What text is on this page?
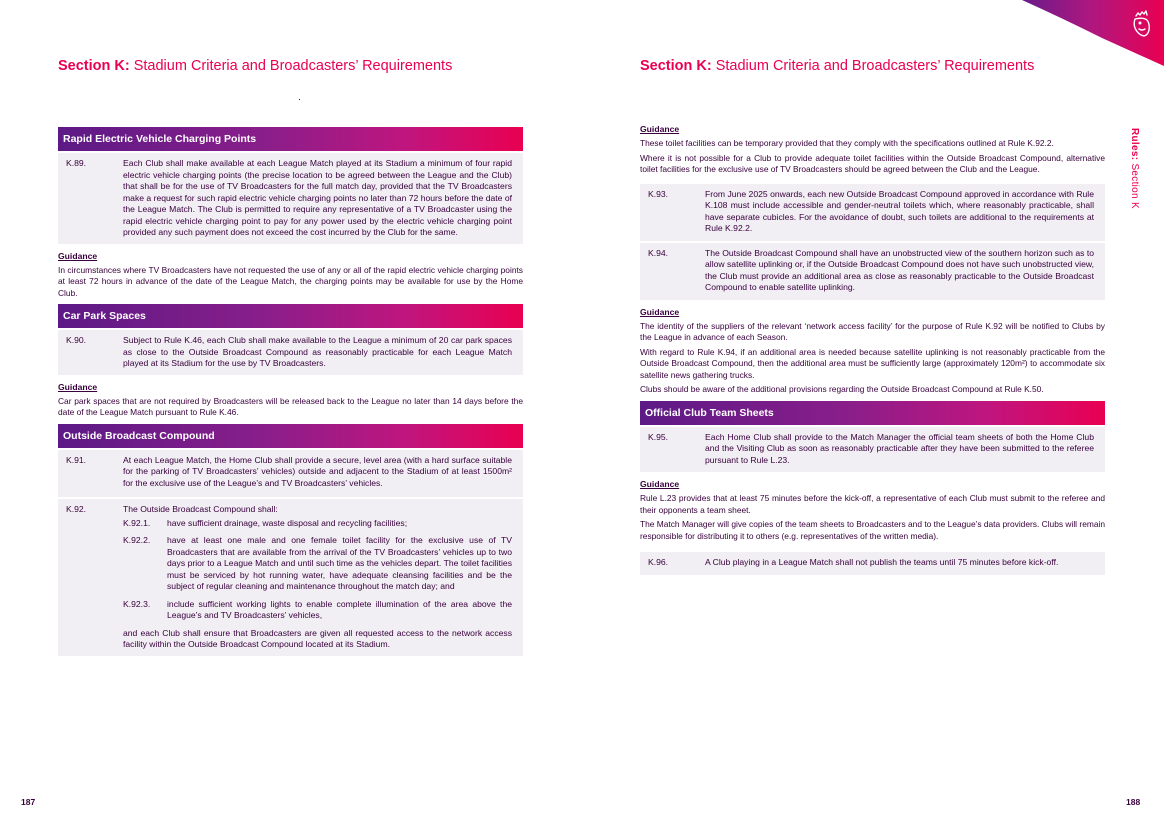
Section K: Stadium Criteria and Broadcasters’ Requirements
Rapid Electric Vehicle Charging Points
K.89.	Each Club shall make available at each League Match played at its Stadium a minimum of four rapid electric vehicle charging points (the precise location to be agreed between the League and the Club) that shall be for the use of TV Broadcasters for the full match day, provided that the TV Broadcasters make a request for such rapid electric vehicle charging points no later than 72 hours before the date of the League Match. The Club is permitted to require any representative of a TV Broadcaster using the rapid electric vehicle charging point to pay for any power used by the electric vehicle charging point provided any such payment does not exceed the cost incurred by the Club for the same.
Guidance
In circumstances where TV Broadcasters have not requested the use of any or all of the rapid electric vehicle charging points at least 72 hours in advance of the date of the League Match, the charging points may be available for use by the Home Club.
Car Park Spaces
K.90.	Subject to Rule K.46, each Club shall make available to the League a minimum of 20 car park spaces as close to the Outside Broadcast Compound as reasonably practicable for each League Match played at its Stadium for the use by TV Broadcasters.
Guidance
Car park spaces that are not required by Broadcasters will be released back to the League no later than 14 days before the date of the League Match pursuant to Rule K.46.
Outside Broadcast Compound
K.91.	At each League Match, the Home Club shall provide a secure, level area (with a hard surface suitable for the parking of TV Broadcasters’ vehicles) outside and adjacent to the Stadium of at least 1500m² for the exclusive use of the League’s and TV Broadcasters’ vehicles.
K.92.	The Outside Broadcast Compound shall:
K.92.1. have sufficient drainage, waste disposal and recycling facilities;
K.92.2. have at least one male and one female toilet facility for the exclusive use of TV Broadcasters that are available from the arrival of the TV Broadcasters’ vehicles up to two days prior to a League Match and until such time as the vehicles depart. The toilet facilities must be serviced by hot running water, have adequate cleansing facilities and be the subject of regular cleaning and maintenance throughout the match day; and
K.92.3. include sufficient working lights to enable complete illumination of the area above the League’s and TV Broadcasters’ vehicles,
and each Club shall ensure that Broadcasters are given all requested access to the network access facility within the Outside Broadcast Compound located at its Stadium.
187
Section K: Stadium Criteria and Broadcasters’ Requirements
Guidance
These toilet facilities can be temporary provided that they comply with the specifications outlined at Rule K.92.2.
Where it is not possible for a Club to provide adequate toilet facilities within the Outside Broadcast Compound, alternative toilet facilities for the exclusive use of TV Broadcasters should be agreed between the Club and the League.
K.93.	From June 2025 onwards, each new Outside Broadcast Compound approved in accordance with Rule K.108 must include accessible and gender-neutral toilets which, where reasonably practicable, shall have separate cubicles. For the avoidance of doubt, such toilets are additional to the requirements at Rule K.92.2.
K.94.	The Outside Broadcast Compound shall have an unobstructed view of the southern horizon such as to allow satellite uplinking or, if the Outside Broadcast Compound does not have such unobstructed view, the Club must provide an additional area as close as reasonably practicable to the Outside Broadcast Compound to enable satellite uplinking.
Guidance
The identity of the suppliers of the relevant ‘network access facility’ for the purpose of Rule K.92 will be notified to Clubs by the League in advance of each Season.
With regard to Rule K.94, if an additional area is needed because satellite uplinking is not reasonably practicable from the Outside Broadcast Compound, then the additional area must be sufficiently large (approximately 120m²) to accommodate six satellite news gathering trucks.
Clubs should be aware of the additional provisions regarding the Outside Broadcast Compound at Rule K.50.
Official Club Team Sheets
K.95.	Each Home Club shall provide to the Match Manager the official team sheets of both the Home Club and the Visiting Club as soon as reasonably practicable after they have been submitted to the referee pursuant to Rule L.23.
Guidance
Rule L.23 provides that at least 75 minutes before the kick-off, a representative of each Club must submit to the referee and their opponents a team sheet.
The Match Manager will give copies of the team sheets to Broadcasters and to the League’s data providers. Clubs will remain responsible for distributing it to others (e.g. representatives of the written media).
K.96.	A Club playing in a League Match shall not publish the teams until 75 minutes before kick-off.
188
Rules: Section K
